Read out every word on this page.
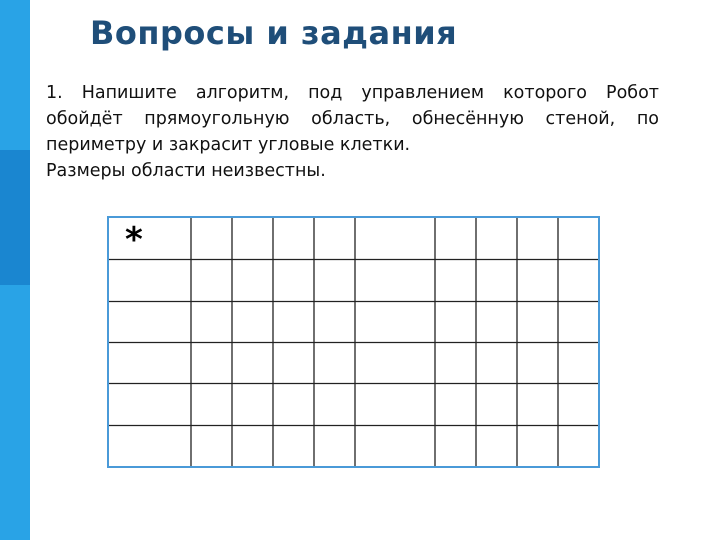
Вопросы и задания

1. Напишите алгоритм, под управлением которого Робот обойдёт прямоугольную область, обнесённую стеной, по периметру и закрасит угловые клетки.

Размеры области неизвестны.

*
